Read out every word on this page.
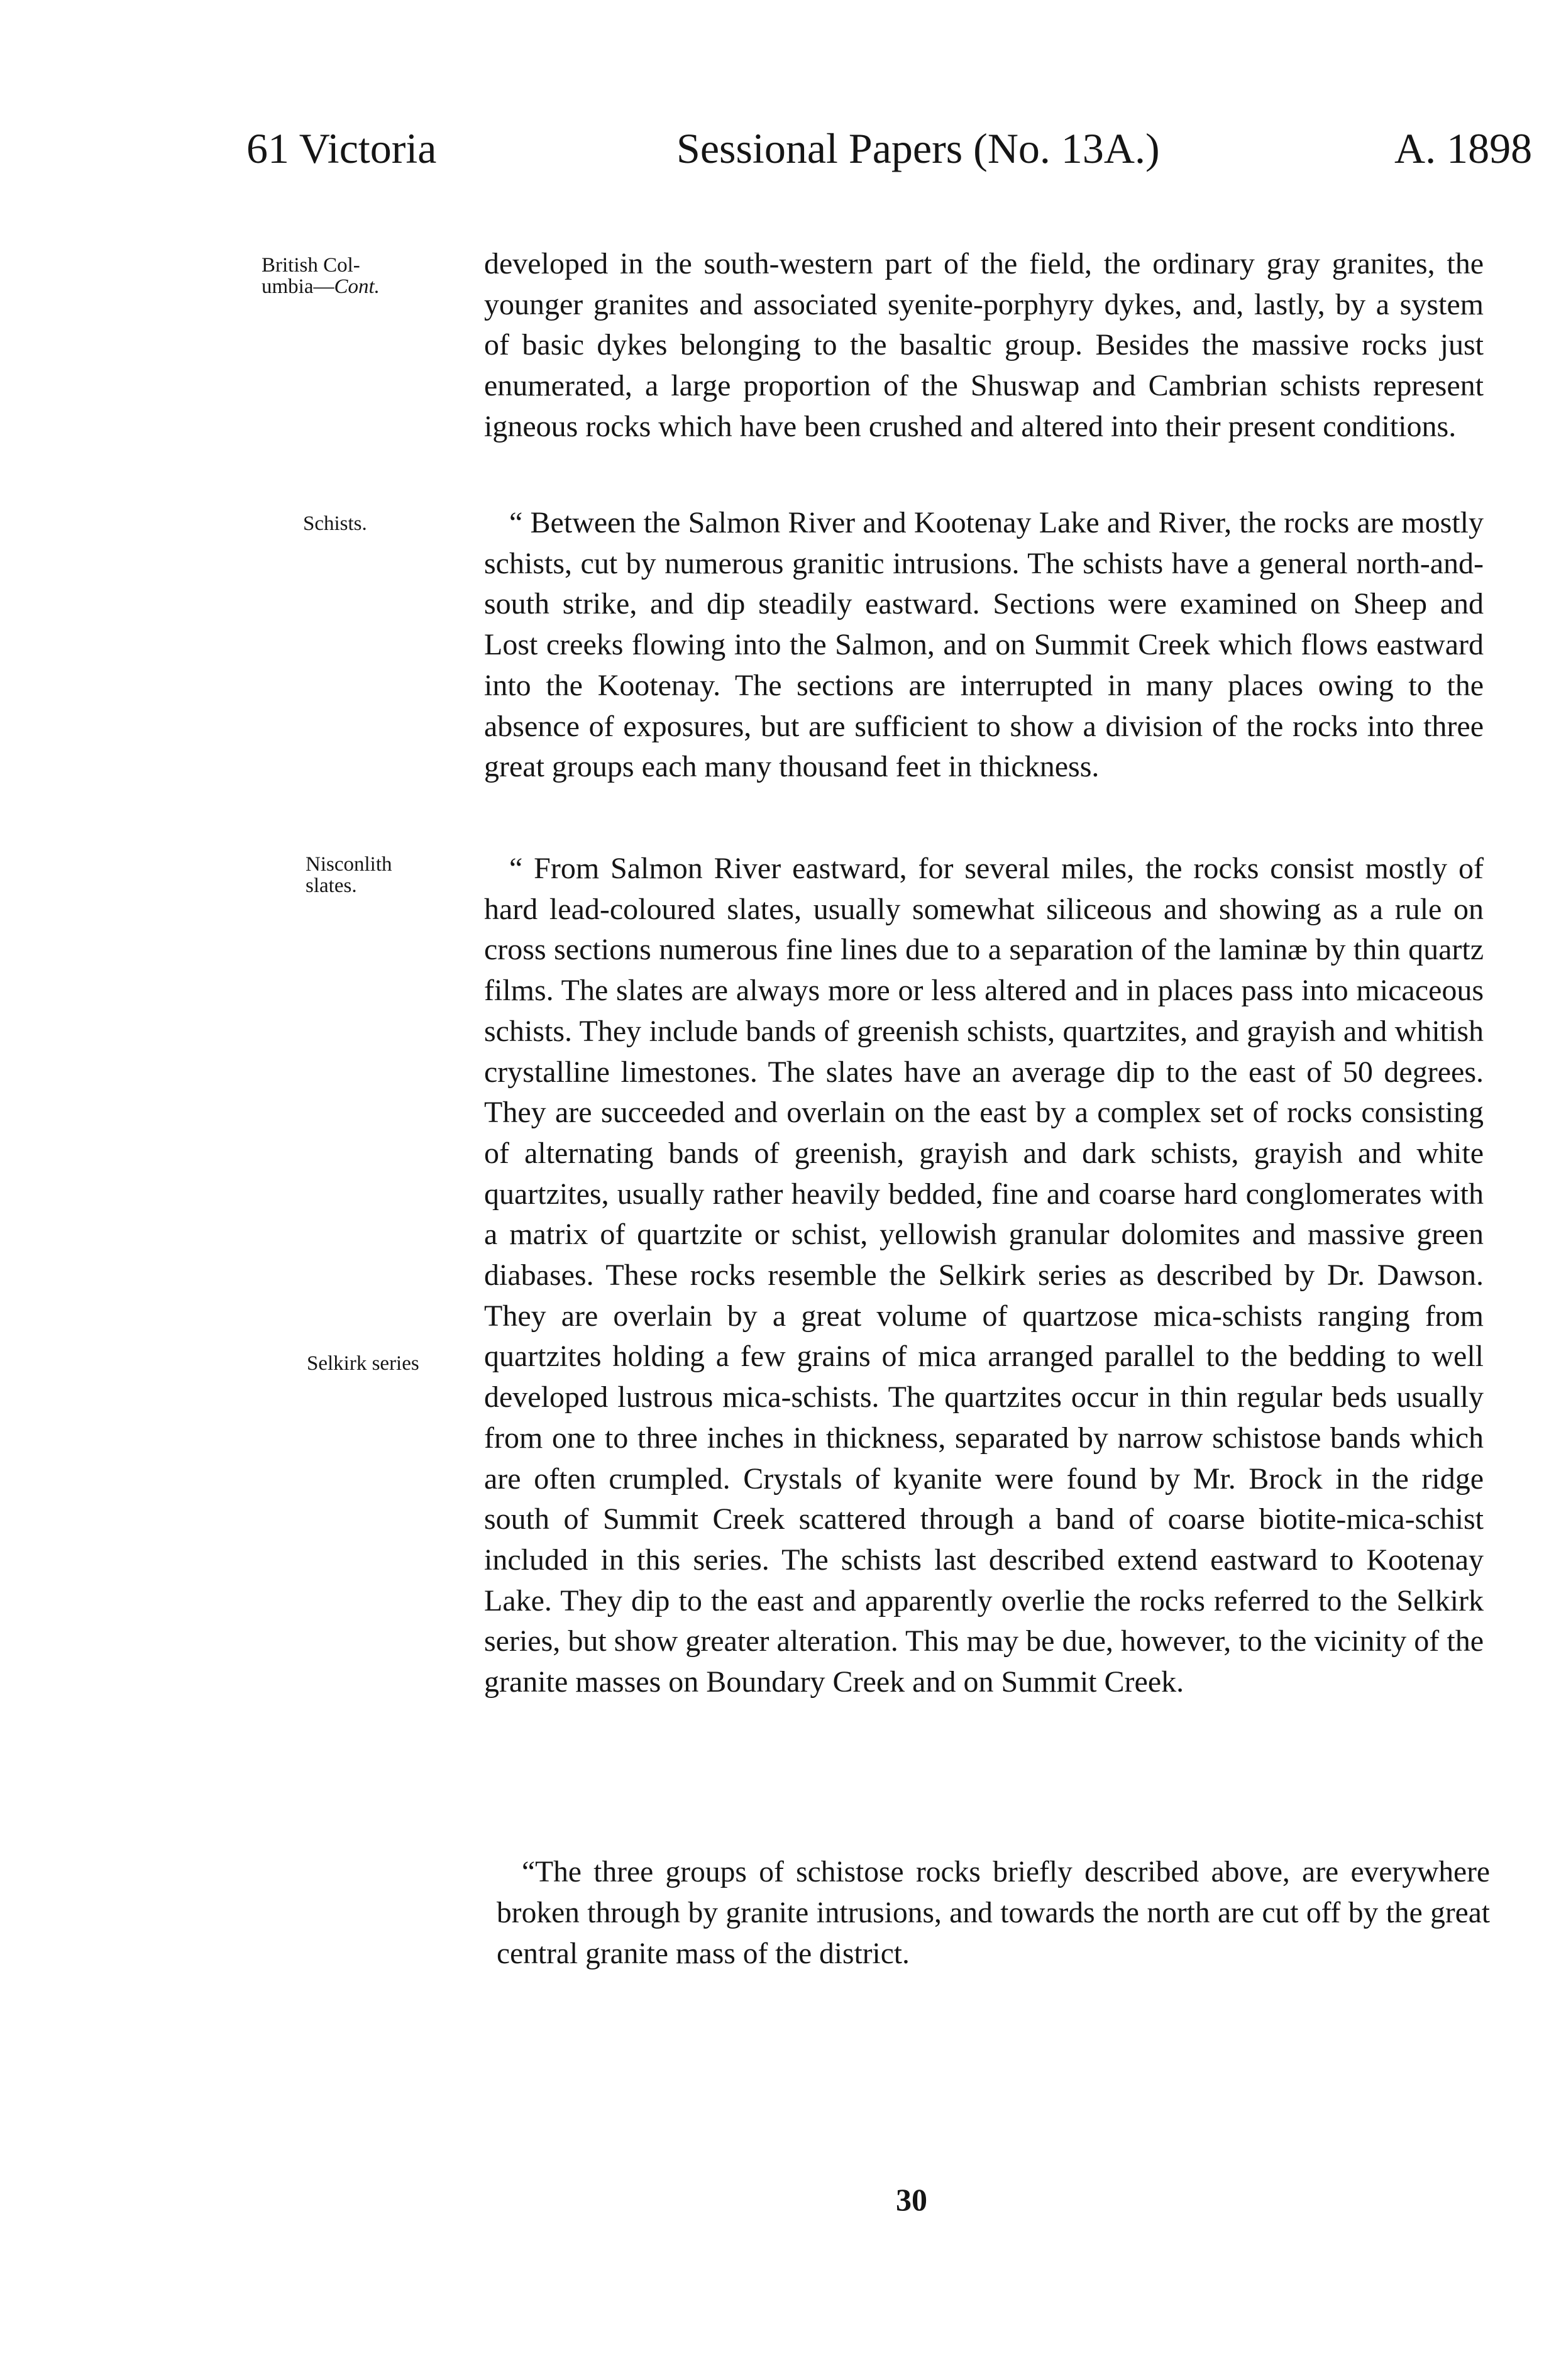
61 Victoria	Sessional Papers (No. 13A.)	A. 1898
British Col-
umbia—Cont.
Schists.
Nisconlith
slates.
Selkirk series

developed in the south-western part of the field, the ordinary gray granites, the younger granites and associated syenite-porphyry dykes, and, lastly, by a system of basic dykes belonging to the basaltic group. Besides the massive rocks just enumerated, a large proportion of the Shuswap and Cambrian schists represent igneous rocks which have been crushed and altered into their present conditions.

“ Between the Salmon River and Kootenay Lake and River, the rocks are mostly schists, cut by numerous granitic intrusions. The schists have a general north-and-south strike, and dip steadily eastward. Sections were examined on Sheep and Lost creeks flowing into the Salmon, and on Summit Creek which flows eastward into the Kootenay. The sections are interrupted in many places owing to the absence of exposures, but are sufficient to show a division of the rocks into three great groups each many thousand feet in thickness.

“ From Salmon River eastward, for several miles, the rocks consist mostly of hard lead-coloured slates, usually somewhat siliceous and showing as a rule on cross sections numerous fine lines due to a separation of the laminæ by thin quartz films. The slates are always more or less altered and in places pass into micaceous schists. They include bands of greenish schists, quartzites, and grayish and whitish crystalline limestones. The slates have an average dip to the east of 50 degrees. They are succeeded and overlain on the east by a complex set of rocks consisting of alternating bands of greenish, grayish and dark schists, grayish and white quartzites, usually rather heavily bedded, fine and coarse hard conglomerates with a matrix of quartzite or schist, yellowish granular dolomites and massive green diabases. These rocks resemble the Selkirk series as described by Dr. Dawson. They are overlain by a great volume of quartzose mica-schists ranging from quartzites holding a few grains of mica arranged parallel to the bedding to well developed lustrous mica-schists. The quartzites occur in thin regular beds usually from one to three inches in thickness, separated by narrow schistose bands which are often crumpled. Crystals of kyanite were found by Mr. Brock in the ridge south of Summit Creek scattered through a band of coarse biotite-mica-schist included in this series. The schists last described extend eastward to Kootenay Lake. They dip to the east and apparently overlie the rocks referred to the Selkirk series, but show greater alteration. This may be due, however, to the vicinity of the granite masses on Boundary Creek and on Summit Creek.

“The three groups of schistose rocks briefly described above, are everywhere broken through by granite intrusions, and towards the north are cut off by the great central granite mass of the district.

30
